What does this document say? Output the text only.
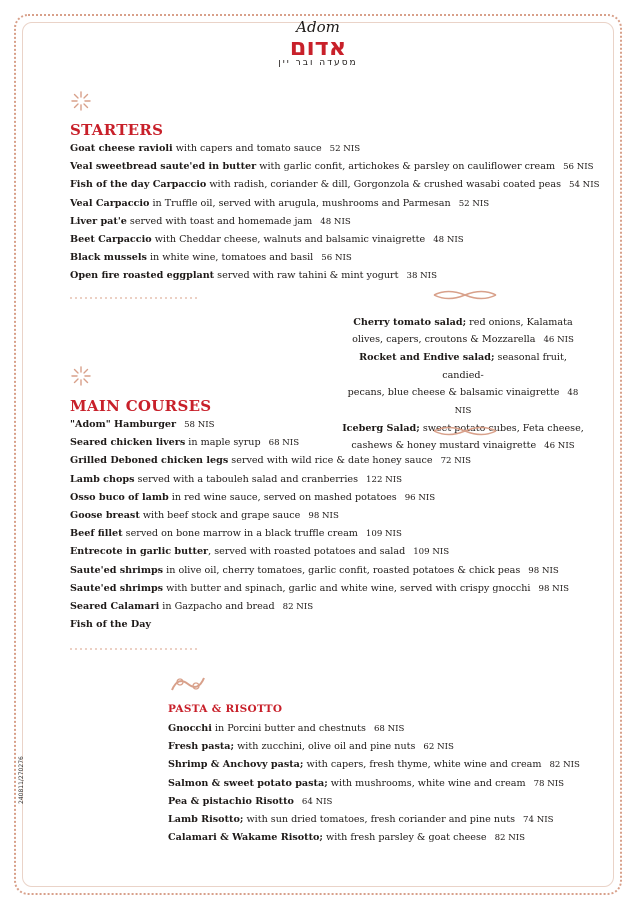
Adom
אדום
מסעדה ובר יין
STARTERS
Goat cheese ravioli with capers and tomato sauce 52 NIS
Veal sweetbread saute'ed in butter with garlic confit, artichokes & parsley on cauliflower cream 56 NIS
Fish of the day Carpaccio with radish, coriander & dill, Gorgonzola & crushed wasabi coated peas 54 NIS
Veal Carpaccio in Truffle oil, served with arugula, mushrooms and Parmesan 52 NIS
Liver pat'e served with toast and homemade jam 48 NIS
Beet Carpaccio with Cheddar cheese, walnuts and balsamic vinaigrette 48 NIS
Black mussels in white wine, tomatoes and basil 56 NIS
Open fire roasted eggplant served with raw tahini & mint yogurt 38 NIS
Cherry tomato salad; red onions, Kalamata
olives, capers, croutons & Mozzarella 46 NIS
Rocket and Endive salad; seasonal fruit, candied-
pecans, blue cheese & balsamic vinaigrette 48 NIS
Iceberg Salad; sweet potato cubes, Feta cheese,
cashews & honey mustard vinaigrette 46 NIS
MAIN COURSES
"Adom" Hamburger 58 NIS
Seared chicken livers in maple syrup 68 NIS
Grilled Deboned chicken legs served with wild rice & date honey sauce 72 NIS
Lamb chops served with a tabouleh salad and cranberries 122 NIS
Osso buco of lamb in red wine sauce, served on mashed potatoes 96 NIS
Goose breast with beef stock and grape sauce 98 NIS
Beef fillet served on bone marrow in a black truffle cream 109 NIS
Entrecote in garlic butter, served with roasted potatoes and salad 109 NIS
Saute'ed shrimps in olive oil, cherry tomatoes, garlic confit, roasted potatoes & chick peas 98 NIS
Saute'ed shrimps with butter and spinach, garlic and white wine, served with crispy gnocchi 98 NIS
Seared Calamari in Gazpacho and bread 82 NIS
Fish of the Day
PASTA & RISOTTO
Gnocchi in Porcini butter and chestnuts 68 NIS
Fresh pasta; with zucchini, olive oil and pine nuts 62 NIS
Shrimp & Anchovy pasta; with capers, fresh thyme, white wine and cream 82 NIS
Salmon & sweet potato pasta; with mushrooms, white wine and cream 78 NIS
Pea & pistachio Risotto 64 NIS
Lamb Risotto; with sun dried tomatoes, fresh coriander and pine nuts 74 NIS
Calamari & Wakame Risotto; with fresh parsley & goat cheese 82 NIS
240811/270276
